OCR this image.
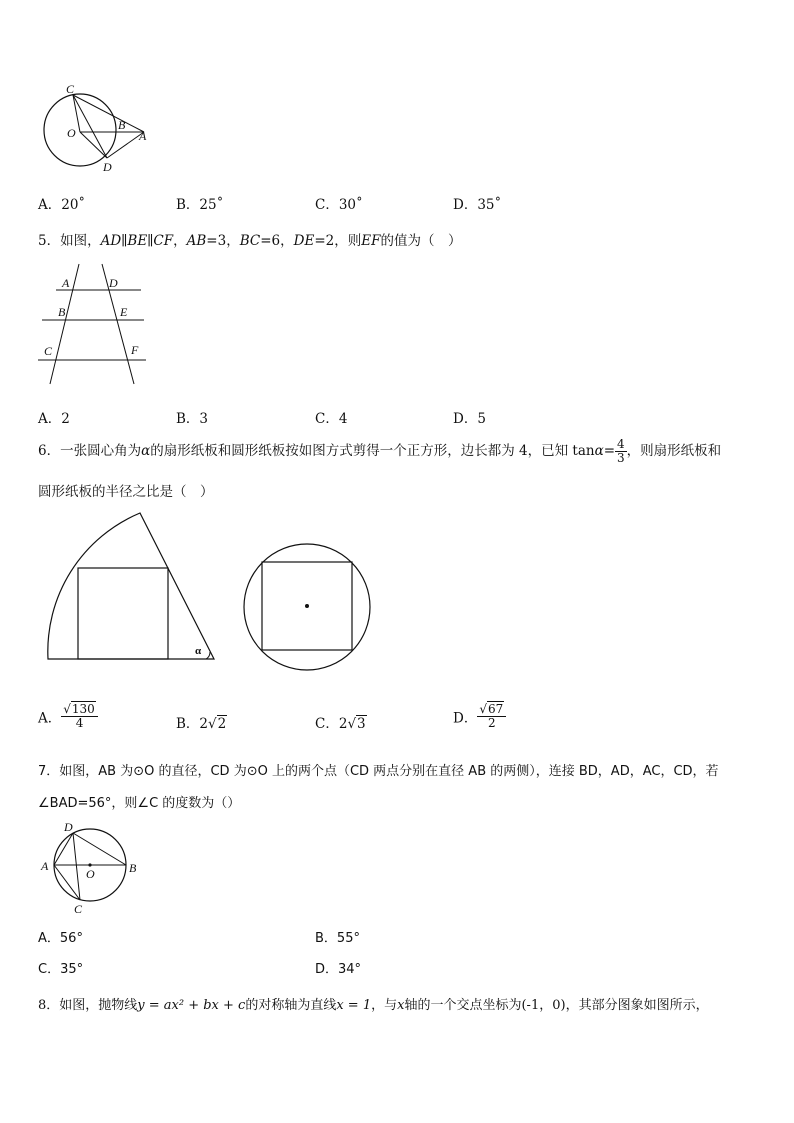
C
O
B
A
D
A．20˚	B．25˚	C．30˚	D．35˚
5．如图，AD∥BE∥CF，AB=3，BC=6，DE=2，则EF的值为（　）
A	D
B	E
C	F
A．2	B．3	C．4	D．5
6．一张圆心角为α的扇形纸板和圆形纸板按如图方式剪得一个正方形，边长都为 4，已知 $\tan\alpha= \frac{4}{3}$ ，则扇形纸板和
圆形纸板的半径之比是（　）
α
A． $\frac{√130}{4}$	B．2√2	C．2√3	D． $\frac{√67}{2}$
7．如图，AB 为⊙O 的直径，CD 为⊙O 上的两个点（CD 两点分别在直径 AB 的两侧），连接 BD，AD，AC，CD，若
∠BAD=56°，则∠C 的度数为（）
D
A
O	B
C
A．56°	B．55°
C．35°	D．34°
8．如图，抛物线y = ax² + bx + c的对称轴为直线x = 1，与x轴的一个交点坐标为(-1，0)，其部分图象如图所示，
